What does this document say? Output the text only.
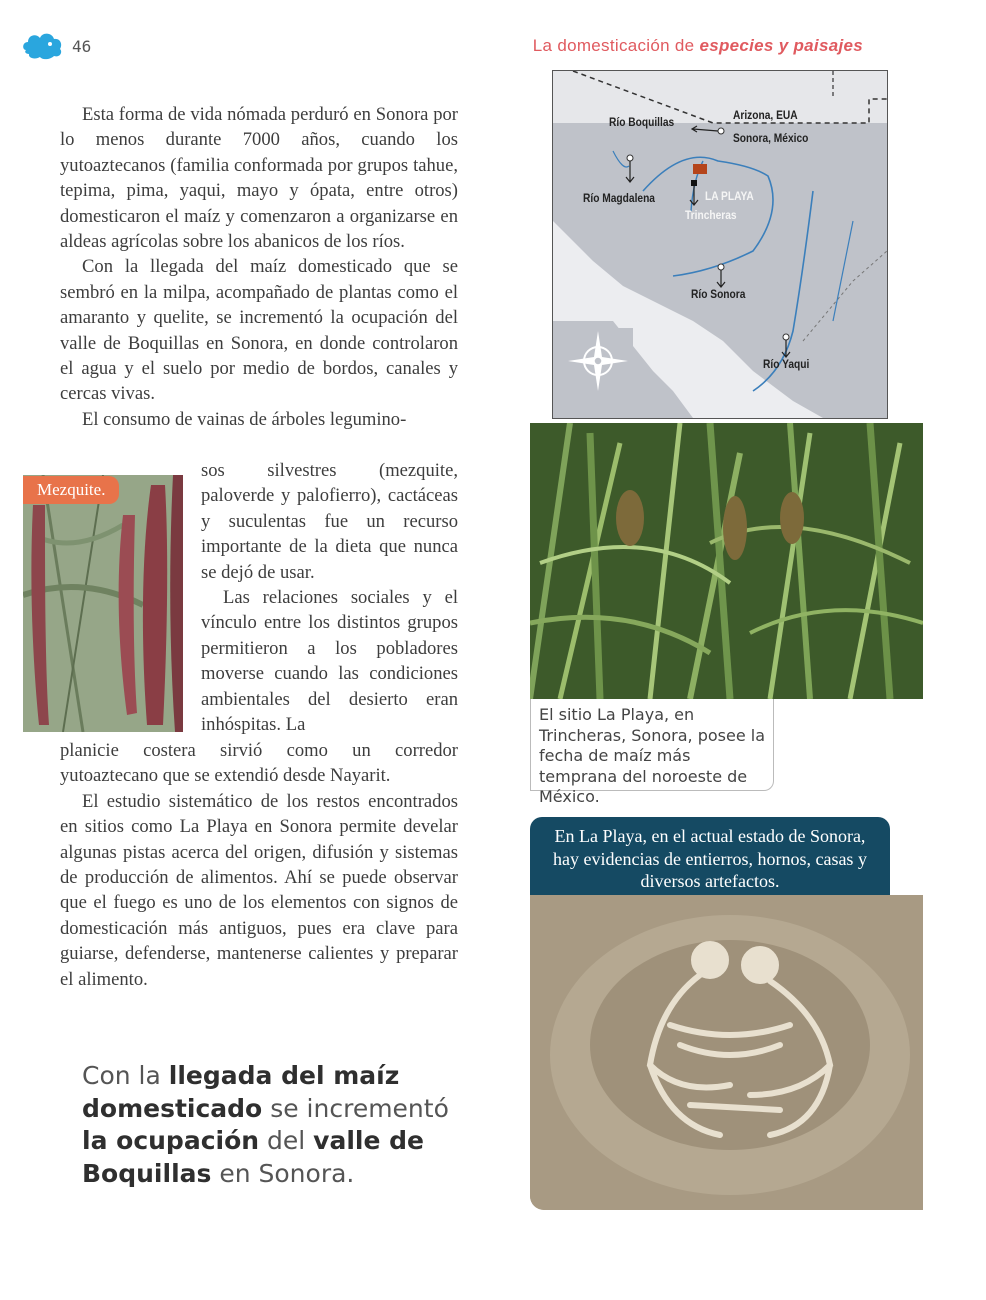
46	La domesticación de especies y paisajes

Esta forma de vida nómada perduró en Sonora por lo menos durante 7000 años, cuando los yutoaztecanos (familia conformada por grupos tahue, tepima, pima, yaqui, mayo y ópata, entre otros) domesticaron el maíz y comenzaron a organizarse en aldeas agrícolas sobre los abanicos de los ríos.

Con la llegada del maíz domesticado que se sembró en la milpa, acompañado de plantas como el amaranto y quelite, se incrementó la ocupación del valle de Boquillas en Sonora, en donde controlaron el agua y el suelo por medio de bordos, canales y cercas vivas.

El consumo de vainas de árboles legumino-

sos silvestres (mezquite, paloverde y palofierro), cactáceas y suculentas fue un recurso importante de la dieta que nunca se dejó de usar.

Las relaciones sociales y el vínculo entre los distintos grupos permitieron a los pobladores moverse cuando las condiciones ambientales del desierto eran inhóspitas. La

planicie costera sirvió como un corredor yutoaztecano que se extendió desde Nayarit.

El estudio sistemático de los restos encontrados en sitios como La Playa en Sonora permite develar algunas pistas acerca del origen, difusión y sistemas de producción de alimentos. Ahí se puede observar que el fuego es uno de los elementos con signos de domesticación más antiguos, pues era clave para guiarse, defenderse, mantenerse calientes y preparar el alimento.

Mezquite.
Arizona, EUA
Sonora, México
Río Boquillas
Río Magdalena	LA PLAYA
Trincheras
Río Sonora
Río Yaqui
El sitio La Playa, en Trincheras, Sonora, posee la fecha de maíz más temprana del noroeste de México.
En La Playa, en el actual estado de Sonora, hay evidencias de entierros, hornos, casas y diversos artefactos.
Con la llegada del maíz domesticado se incrementó la ocupación del valle de Boquillas en Sonora.
